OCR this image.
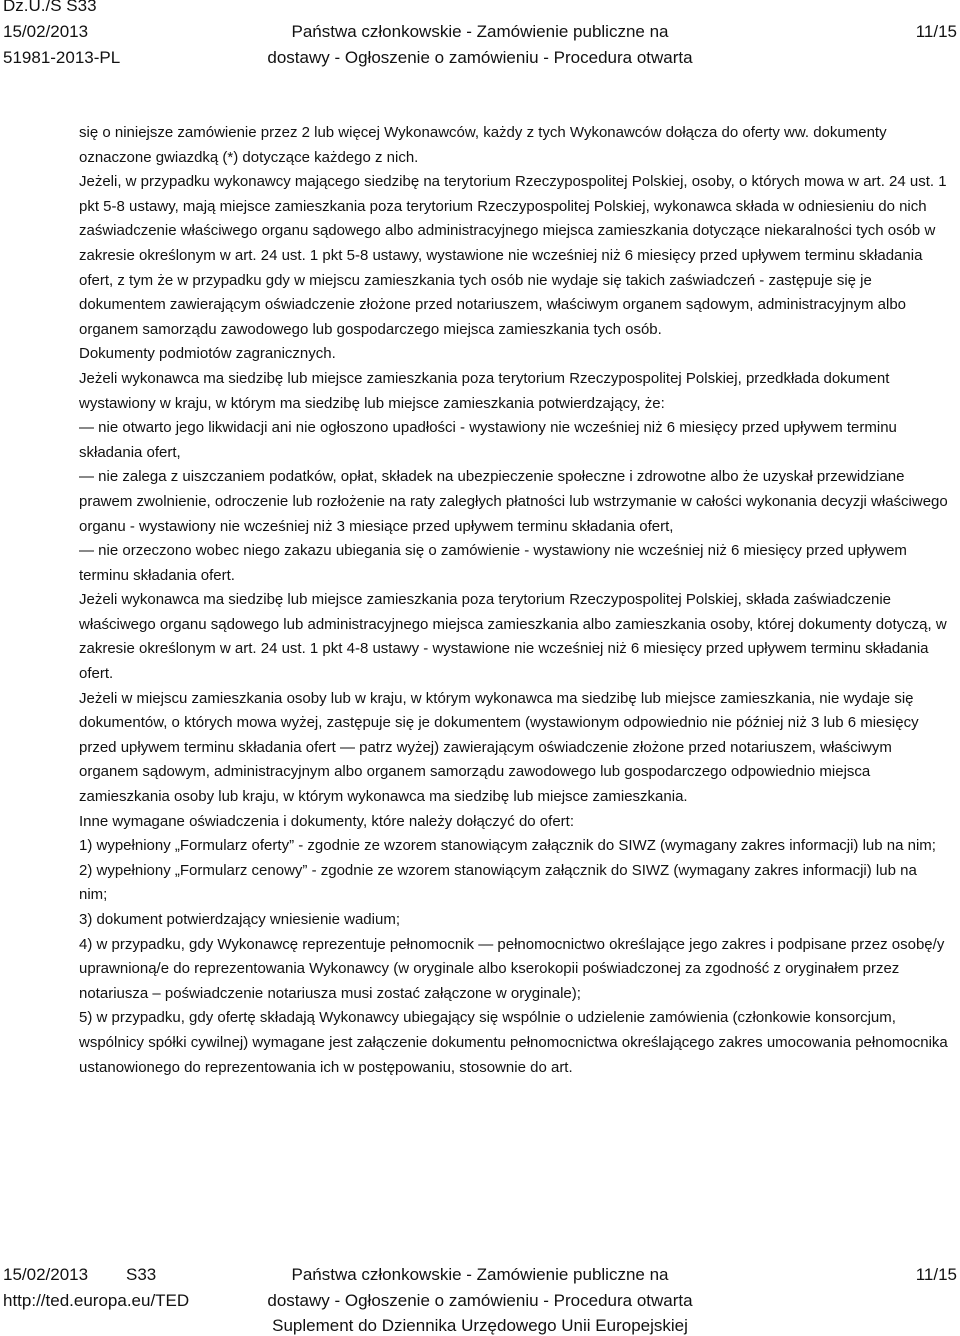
Dz.U./S S33
15/02/2013
51981-2013-PL
Państwa członkowskie - Zamówienie publiczne na
dostawy - Ogłoszenie o zamówieniu - Procedura otwarta
11/15

się o niniejsze zamówienie przez 2 lub więcej Wykonawców, każdy z tych Wykonawców dołącza do oferty ww. dokumenty oznaczone gwiazdką (*) dotyczące każdego z nich.

Jeżeli, w przypadku wykonawcy mającego siedzibę na terytorium Rzeczypospolitej Polskiej, osoby, o których mowa w art. 24 ust. 1 pkt 5-8 ustawy, mają miejsce zamieszkania poza terytorium Rzeczypospolitej Polskiej, wykonawca składa w odniesieniu do nich zaświadczenie właściwego organu sądowego albo administracyjnego miejsca zamieszkania dotyczące niekaralności tych osób w zakresie określonym w art. 24 ust. 1 pkt 5-8 ustawy, wystawione nie wcześniej niż 6 miesięcy przed upływem terminu składania ofert, z tym że w przypadku gdy w miejscu zamieszkania tych osób nie wydaje się takich zaświadczeń - zastępuje się je dokumentem zawierającym oświadczenie złożone przed notariuszem, właściwym organem sądowym, administracyjnym albo organem samorządu zawodowego lub gospodarczego miejsca zamieszkania tych osób.

Dokumenty podmiotów zagranicznych.

Jeżeli wykonawca ma siedzibę lub miejsce zamieszkania poza terytorium Rzeczypospolitej Polskiej, przedkłada dokument wystawiony w kraju, w którym ma siedzibę lub miejsce zamieszkania potwierdzający, że:

— nie otwarto jego likwidacji ani nie ogłoszono upadłości - wystawiony nie wcześniej niż 6 miesięcy przed upływem terminu składania ofert,

— nie zalega z uiszczaniem podatków, opłat, składek na ubezpieczenie społeczne i zdrowotne albo że uzyskał przewidziane prawem zwolnienie, odroczenie lub rozłożenie na raty zaległych płatności lub wstrzymanie w całości wykonania decyzji właściwego organu - wystawiony nie wcześniej niż 3 miesiące przed upływem terminu składania ofert,

— nie orzeczono wobec niego zakazu ubiegania się o zamówienie - wystawiony nie wcześniej niż 6 miesięcy przed upływem terminu składania ofert.

Jeżeli wykonawca ma siedzibę lub miejsce zamieszkania poza terytorium Rzeczypospolitej Polskiej, składa zaświadczenie właściwego organu sądowego lub administracyjnego miejsca zamieszkania albo zamieszkania osoby, której dokumenty dotyczą, w zakresie określonym w art. 24 ust. 1 pkt 4-8 ustawy - wystawione nie wcześniej niż 6 miesięcy przed upływem terminu składania ofert.

Jeżeli w miejscu zamieszkania osoby lub w kraju, w którym wykonawca ma siedzibę lub miejsce zamieszkania, nie wydaje się dokumentów, o których mowa wyżej, zastępuje się je dokumentem (wystawionym odpowiednio nie później niż 3 lub 6 miesięcy przed upływem terminu składania ofert — patrz wyżej) zawierającym oświadczenie złożone przed notariuszem, właściwym organem sądowym, administracyjnym albo organem samorządu zawodowego lub gospodarczego odpowiednio miejsca zamieszkania osoby lub kraju, w którym wykonawca ma siedzibę lub miejsce zamieszkania.

Inne wymagane oświadczenia i dokumenty, które należy dołączyć do ofert:

1) wypełniony „Formularz oferty” - zgodnie ze wzorem stanowiącym załącznik do SIWZ (wymagany zakres informacji) lub na nim;

2) wypełniony „Formularz cenowy” - zgodnie ze wzorem stanowiącym załącznik do SIWZ (wymagany zakres informacji) lub na nim;

3) dokument potwierdzający wniesienie wadium;

4) w przypadku, gdy Wykonawcę reprezentuje pełnomocnik — pełnomocnictwo określające jego zakres i podpisane przez osobę/y uprawnioną/e do reprezentowania Wykonawcy (w oryginale albo kserokopii poświadczonej za zgodność z oryginałem przez notariusza – poświadczenie notariusza musi zostać załączone w oryginale);

5) w przypadku, gdy ofertę składają Wykonawcy ubiegający się wspólnie o udzielenie zamówienia (członkowie konsorcjum, wspólnicy spółki cywilnej) wymagane jest załączenie dokumentu pełnomocnictwa określającego zakres umocowania pełnomocnika ustanowionego do reprezentowania ich w postępowaniu, stosownie do art.

15/02/2013 S33
http://ted.europa.eu/TED
Państwa członkowskie - Zamówienie publiczne na
dostawy - Ogłoszenie o zamówieniu - Procedura otwarta
Suplement do Dziennika Urzędowego Unii Europejskiej
11/15
